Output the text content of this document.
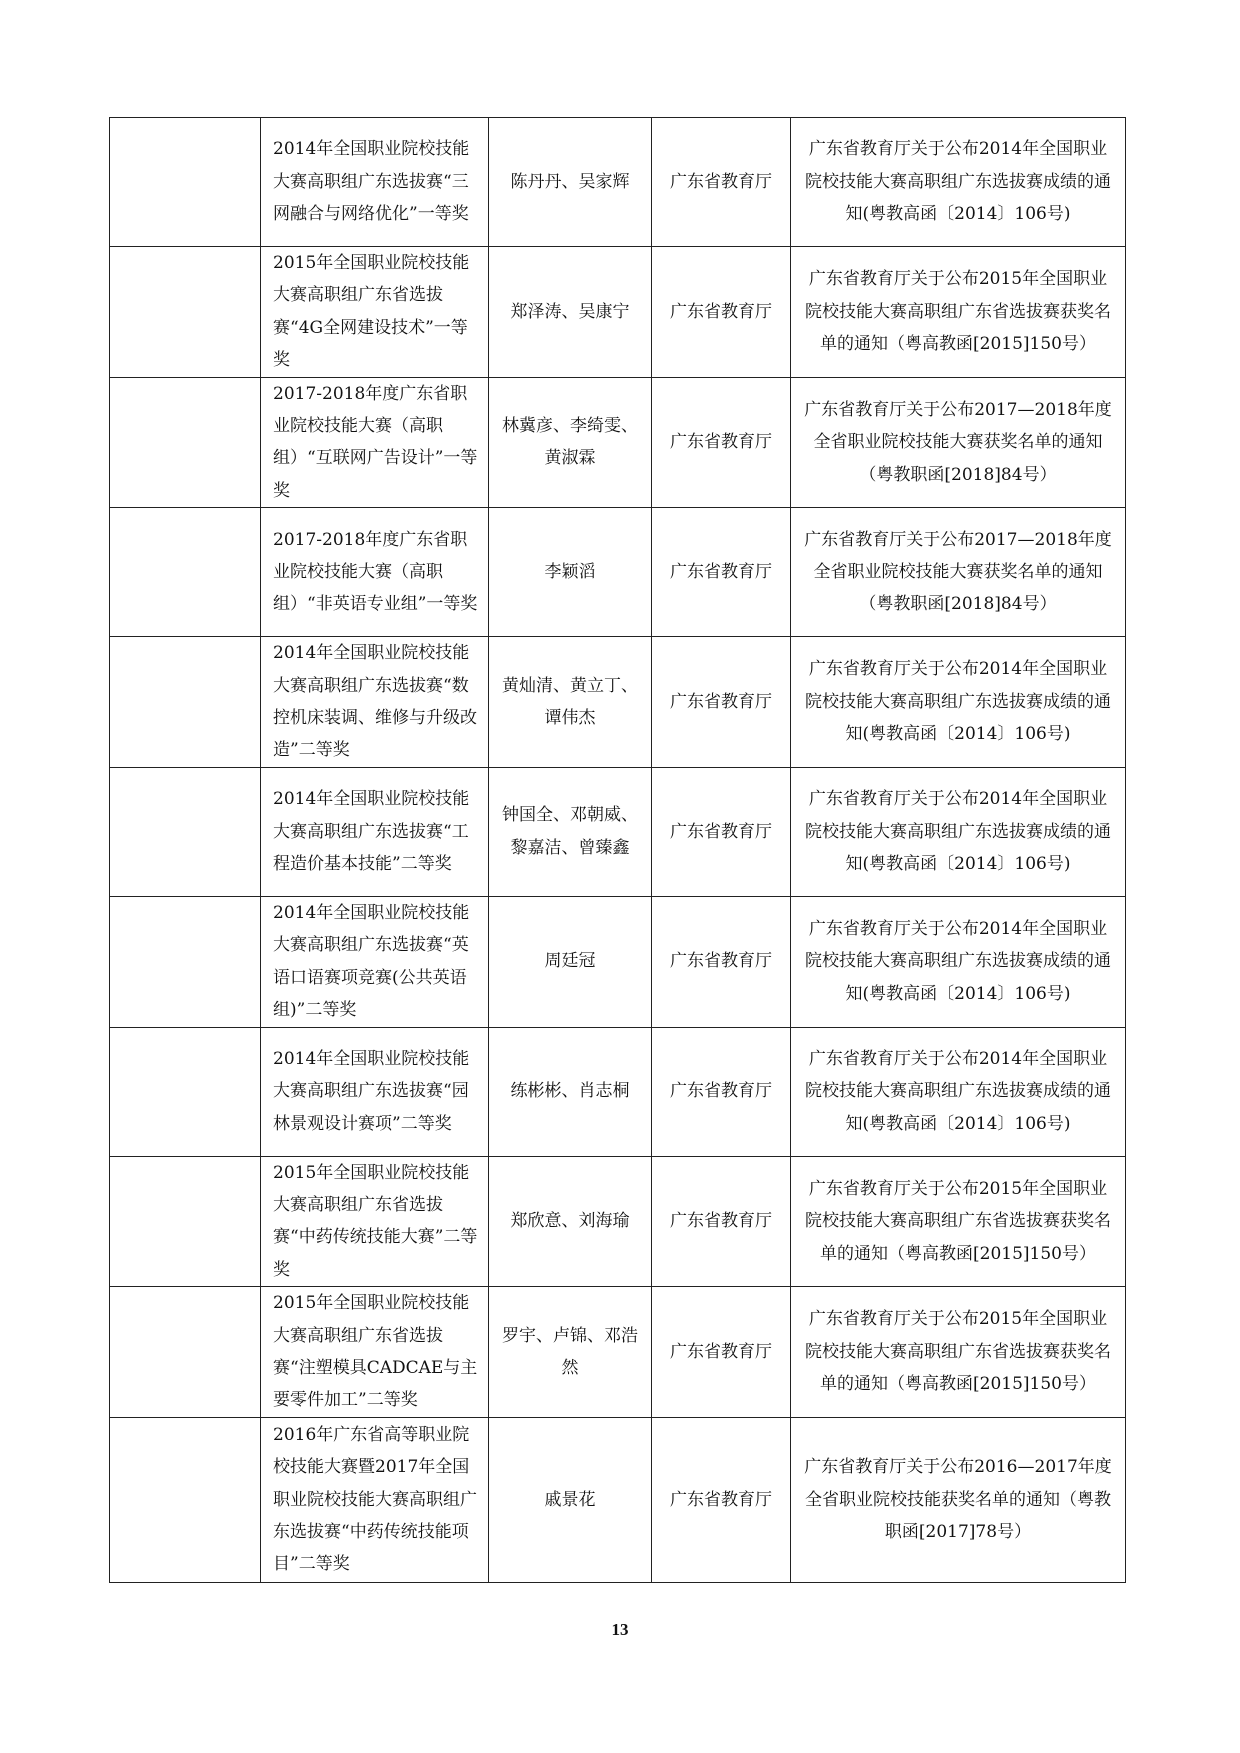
	2014年全国职业院校技能大赛高职组广东选拔赛“三网融合与网络优化”一等奖	陈丹丹、吴家辉	广东省教育厅	广东省教育厅关于公布2014年全国职业院校技能大赛高职组广东选拔赛成绩的通知(粤教高函〔2014〕106号)
	2015年全国职业院校技能大赛高职组广东省选拔赛“4G全网建设技术”一等奖	郑泽涛、吴康宁	广东省教育厅	广东省教育厅关于公布2015年全国职业院校技能大赛高职组广东省选拔赛获奖名单的通知（粤高教函[2015]150号）
	2017-2018年度广东省职业院校技能大赛（高职组）“互联网广告设计”一等奖	林冀彦、李绮雯、黄淑霖	广东省教育厅	广东省教育厅关于公布2017—2018年度全省职业院校技能大赛获奖名单的通知（粤教职函[2018]84号）
	2017-2018年度广东省职业院校技能大赛（高职组）“非英语专业组”一等奖	李颖滔	广东省教育厅	广东省教育厅关于公布2017—2018年度全省职业院校技能大赛获奖名单的通知（粤教职函[2018]84号）
	2014年全国职业院校技能大赛高职组广东选拔赛“数控机床装调、维修与升级改造”二等奖	黄灿清、黄立丁、谭伟杰	广东省教育厅	广东省教育厅关于公布2014年全国职业院校技能大赛高职组广东选拔赛成绩的通知(粤教高函〔2014〕106号)
	2014年全国职业院校技能大赛高职组广东选拔赛“工程造价基本技能”二等奖	钟国全、邓朝威、黎嘉洁、曾臻鑫	广东省教育厅	广东省教育厅关于公布2014年全国职业院校技能大赛高职组广东选拔赛成绩的通知(粤教高函〔2014〕106号)
	2014年全国职业院校技能大赛高职组广东选拔赛“英语口语赛项竞赛(公共英语组)”二等奖	周廷冠	广东省教育厅	广东省教育厅关于公布2014年全国职业院校技能大赛高职组广东选拔赛成绩的通知(粤教高函〔2014〕106号)
	2014年全国职业院校技能大赛高职组广东选拔赛“园林景观设计赛项”二等奖	练彬彬、肖志桐	广东省教育厅	广东省教育厅关于公布2014年全国职业院校技能大赛高职组广东选拔赛成绩的通知(粤教高函〔2014〕106号)
	2015年全国职业院校技能大赛高职组广东省选拔赛“中药传统技能大赛”二等奖	郑欣意、刘海瑜	广东省教育厅	广东省教育厅关于公布2015年全国职业院校技能大赛高职组广东省选拔赛获奖名单的通知（粤高教函[2015]150号）
	2015年全国职业院校技能大赛高职组广东省选拔赛“注塑模具CADCAE与主要零件加工”二等奖	罗宇、卢锦、邓浩然	广东省教育厅	广东省教育厅关于公布2015年全国职业院校技能大赛高职组广东省选拔赛获奖名单的通知（粤高教函[2015]150号）
	2016年广东省高等职业院校技能大赛暨2017年全国职业院校技能大赛高职组广东选拔赛“中药传统技能项目”二等奖	戚景花	广东省教育厅	广东省教育厅关于公布2016—2017年度全省职业院校技能获奖名单的通知（粤教职函[2017]78号）
13
